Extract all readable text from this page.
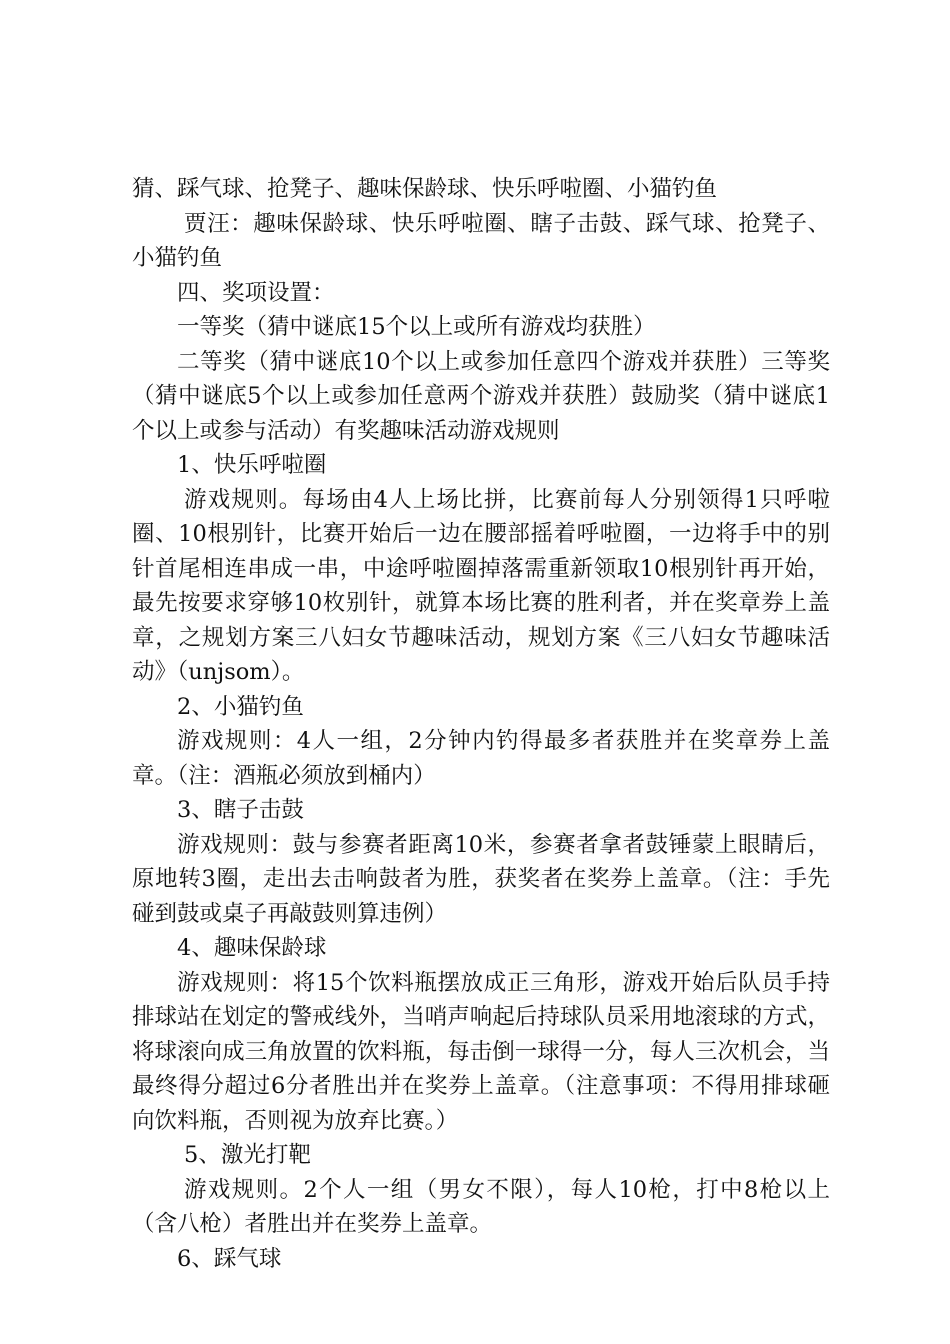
猜、踩气球、抢凳子、趣味保龄球、快乐呼啦圈、小猫钓鱼

贾汪：趣味保龄球、快乐呼啦圈、瞎子击鼓、踩气球、抢凳子、小猫钓鱼

四、奖项设置：

一等奖（猜中谜底15个以上或所有游戏均获胜）

二等奖（猜中谜底10个以上或参加任意四个游戏并获胜）三等奖（猜中谜底5个以上或参加任意两个游戏并获胜）鼓励奖（猜中谜底1个以上或参与活动）有奖趣味活动游戏规则

1、快乐呼啦圈

游戏规则。每场由4人上场比拼，比赛前每人分别领得1只呼啦圈、10根别针，比赛开始后一边在腰部摇着呼啦圈，一边将手中的别针首尾相连串成一串，中途呼啦圈掉落需重新领取10根别针再开始，最先按要求穿够10枚别针，就算本场比赛的胜利者，并在奖章券上盖章，之规划方案三八妇女节趣味活动，规划方案《三八妇女节趣味活动》（unjsom）。

2、小猫钓鱼

游戏规则：4人一组，2分钟内钓得最多者获胜并在奖章券上盖章。（注：酒瓶必须放到桶内）

3、瞎子击鼓

游戏规则：鼓与参赛者距离10米，参赛者拿者鼓锤蒙上眼睛后，原地转3圈，走出去击响鼓者为胜，获奖者在奖券上盖章。（注：手先碰到鼓或桌子再敲鼓则算违例）

4、趣味保龄球

游戏规则：将15个饮料瓶摆放成正三角形，游戏开始后队员手持排球站在划定的警戒线外，当哨声响起后持球队员采用地滚球的方式，将球滚向成三角放置的饮料瓶，每击倒一球得一分，每人三次机会，当最终得分超过6分者胜出并在奖券上盖章。（注意事项：不得用排球砸向饮料瓶，否则视为放弃比赛。）

5、激光打靶

游戏规则。2个人一组（男女不限），每人10枪，打中8枪以上（含八枪）者胜出并在奖券上盖章。

6、踩气球
